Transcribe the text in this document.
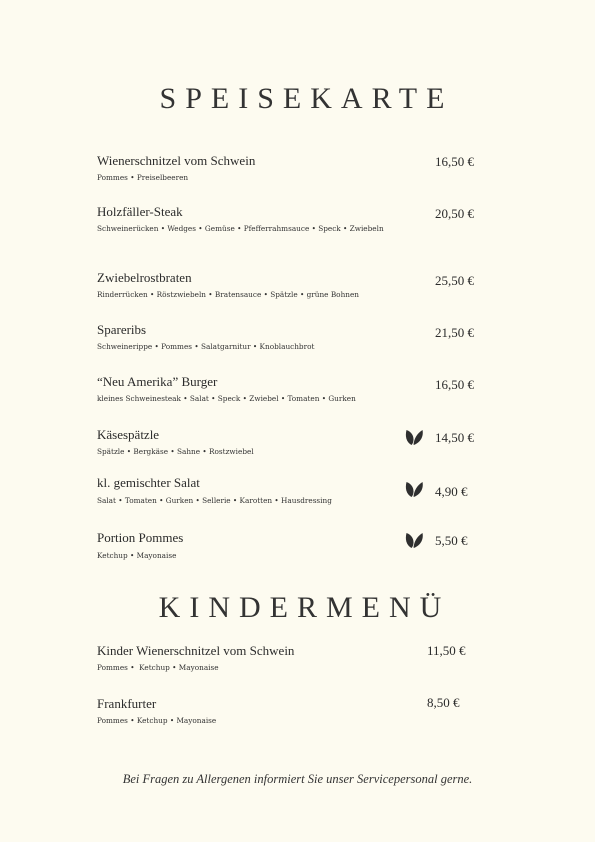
SPEISEKARTE
Wienerschnitzel vom Schwein
Pommes • Preiselbeeren
16,50 €
Holzfäller-Steak
Schweinerücken • Wedges • Gemüse • Pfefferrahmsauce • Speck • Zwiebeln
20,50 €
Zwiebelrostbraten
Rinderrücken • Röstzwiebeln • Bratensauce • Spätzle • grüne Bohnen
25,50 €
Spareribs
Schweinerippe • Pommes • Salatgarnitur • Knoblauchbrot
21,50 €
“Neu Amerika” Burger
kleines Schweinesteak • Salat • Speck • Zwiebel • Tomaten • Gurken
16,50 €
Käsespätzle
Spätzle • Bergkäse • Sahne • Rostzwiebel
14,50 €
kl. gemischter Salat
Salat • Tomaten • Gurken • Sellerie • Karotten • Hausdressing
4,90 €
Portion Pommes
Ketchup • Mayonaise
5,50 €
KINDERMENÜ
Kinder Wienerschnitzel vom Schwein
Pommes •  Ketchup • Mayonaise
11,50 €
Frankfurter
Pommes • Ketchup • Mayonaise
8,50 €
Bei Fragen zu Allergenen informiert Sie unser Servicepersonal gerne.
